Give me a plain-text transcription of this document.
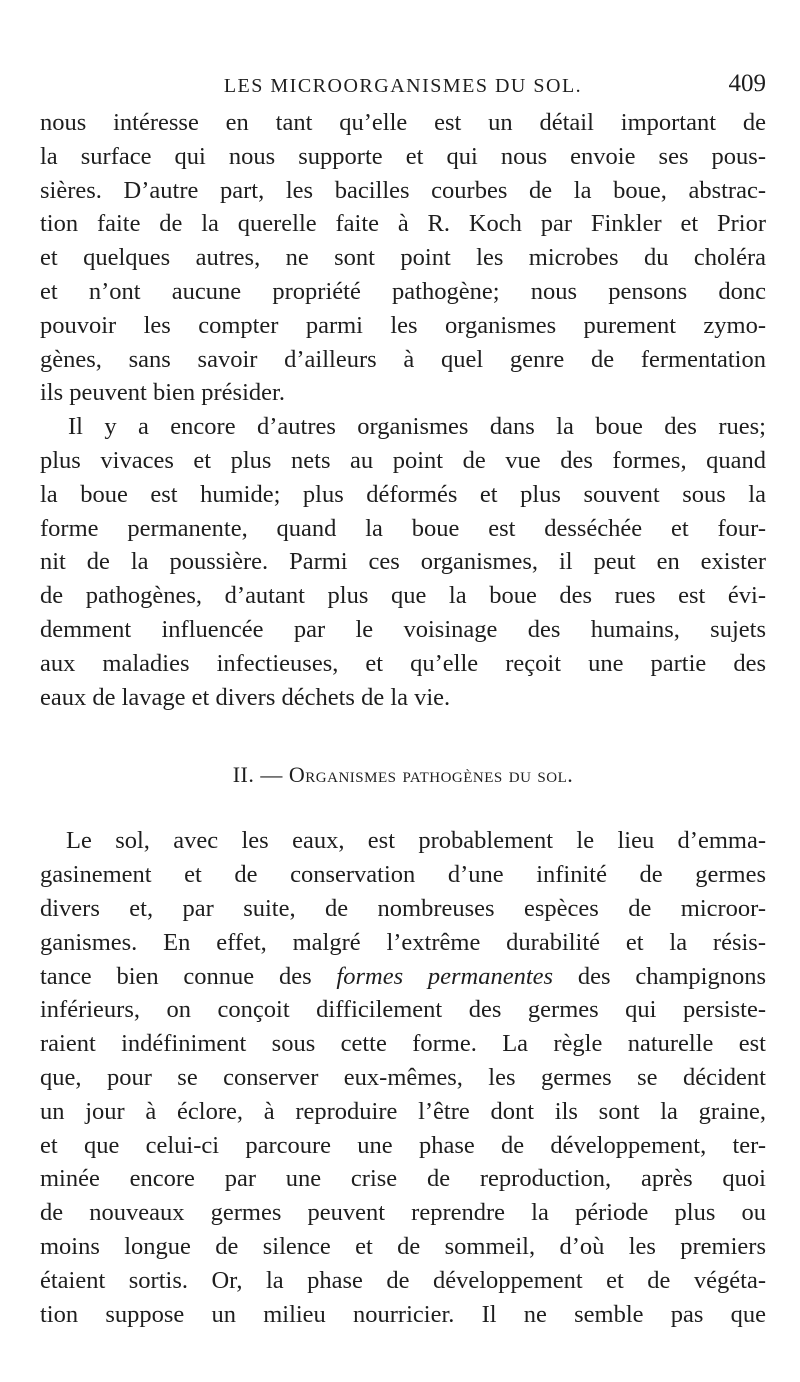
LES MICROORGANISMES DU SOL.	409
nous intéresse en tant qu’elle est un détail important de
la surface qui nous supporte et qui nous envoie ses pous-
sières. D’autre part, les bacilles courbes de la boue, abstrac-
tion faite de la querelle faite à R. Koch par Finkler et Prior
et quelques autres, ne sont point les microbes du choléra
et n’ont aucune propriété pathogène; nous pensons donc
pouvoir les compter parmi les organismes purement zymo-
gènes, sans savoir d’ailleurs à quel genre de fermentation
ils peuvent bien présider.
Il y a encore d’autres organismes dans la boue des rues;
plus vivaces et plus nets au point de vue des formes, quand
la boue est humide; plus déformés et plus souvent sous la
forme permanente, quand la boue est desséchée et four-
nit de la poussière. Parmi ces organismes, il peut en exister
de pathogènes, d’autant plus que la boue des rues est évi-
demment influencée par le voisinage des humains, sujets
aux maladies infectieuses, et qu’elle reçoit une partie des
eaux de lavage et divers déchets de la vie.
II. — Organismes pathogènes du sol.
Le sol, avec les eaux, est probablement le lieu d’emma-
gasinement et de conservation d’une infinité de germes
divers et, par suite, de nombreuses espèces de microor-
ganismes. En effet, malgré l’extrême durabilité et la résis-
tance bien connue des formes permanentes des champignons
inférieurs, on conçoit difficilement des germes qui persiste-
raient indéfiniment sous cette forme. La règle naturelle est
que, pour se conserver eux-mêmes, les germes se décident
un jour à éclore, à reproduire l’être dont ils sont la graine,
et que celui-ci parcoure une phase de développement, ter-
minée encore par une crise de reproduction, après quoi
de nouveaux germes peuvent reprendre la période plus ou
moins longue de silence et de sommeil, d’où les premiers
étaient sortis. Or, la phase de développement et de végéta-
tion suppose un milieu nourricier. Il ne semble pas que
